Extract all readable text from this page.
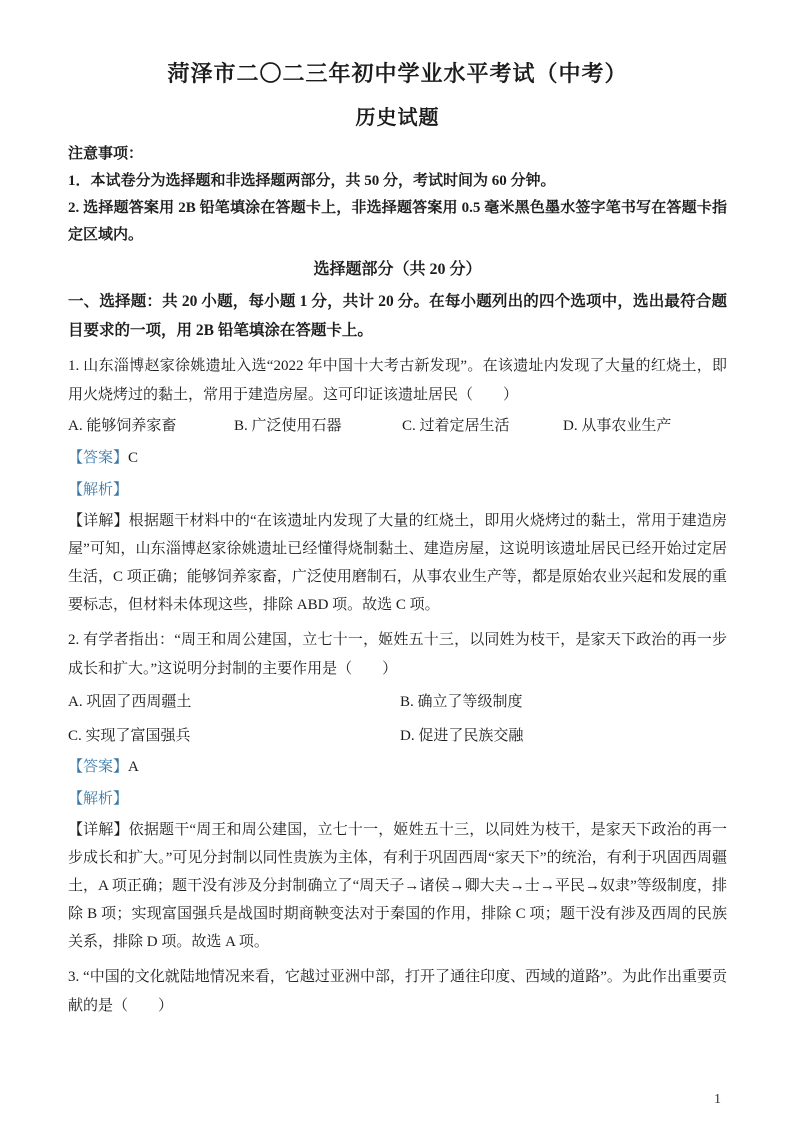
菏泽市二〇二三年初中学业水平考试（中考）
历史试题

注意事项：

1．本试卷分为选择题和非选择题两部分，共 50 分，考试时间为 60 分钟。

2. 选择题答案用 2B 铅笔填涂在答题卡上，非选择题答案用 0.5 毫米黑色墨水签字笔书写在答题卡指定区域内。

选择题部分（共 20 分）

一、选择题：共 20 小题，每小题 1 分，共计 20 分。在每小题列出的四个选项中，选出最符合题目要求的一项，用 2B 铅笔填涂在答题卡上。

1. 山东淄博赵家徐姚遗址入选“2022 年中国十大考古新发现”。在该遗址内发现了大量的红烧土，即用火烧烤过的黏土，常用于建造房屋。这可印证该遗址居民（　　）

A. 能够饲养家畜	B. 广泛使用石器	C. 过着定居生活	D. 从事农业生产

【答案】C

【解析】

【详解】根据题干材料中的“在该遗址内发现了大量的红烧土，即用火烧烤过的黏土，常用于建造房屋”可知，山东淄博赵家徐姚遗址已经懂得烧制黏土、建造房屋，这说明该遗址居民已经开始过定居生活，C 项正确；能够饲养家畜，广泛使用磨制石，从事农业生产等，都是原始农业兴起和发展的重要标志，但材料未体现这些，排除 ABD 项。故选 C 项。

2. 有学者指出：“周王和周公建国，立七十一，姬姓五十三，以同姓为枝干，是家天下政治的再一步成长和扩大。”这说明分封制的主要作用是（　　）

A. 巩固了西周疆土	B. 确立了等级制度
C. 实现了富国强兵	D. 促进了民族交融

【答案】A

【解析】

【详解】依据题干“周王和周公建国，立七十一，姬姓五十三，以同姓为枝干，是家天下政治的再一步成长和扩大。”可见分封制以同性贵族为主体，有利于巩固西周“家天下”的统治，有利于巩固西周疆土，A 项正确；题干没有涉及分封制确立了“周天子→诸侯→卿大夫→士→平民→奴隶”等级制度，排除 B 项；实现富国强兵是战国时期商鞅变法对于秦国的作用，排除 C 项；题干没有涉及西周的民族关系，排除 D 项。故选 A 项。

3. “中国的文化就陆地情况来看，它越过亚洲中部，打开了通往印度、西域的道路”。为此作出重要贡献的是（　　）

1
